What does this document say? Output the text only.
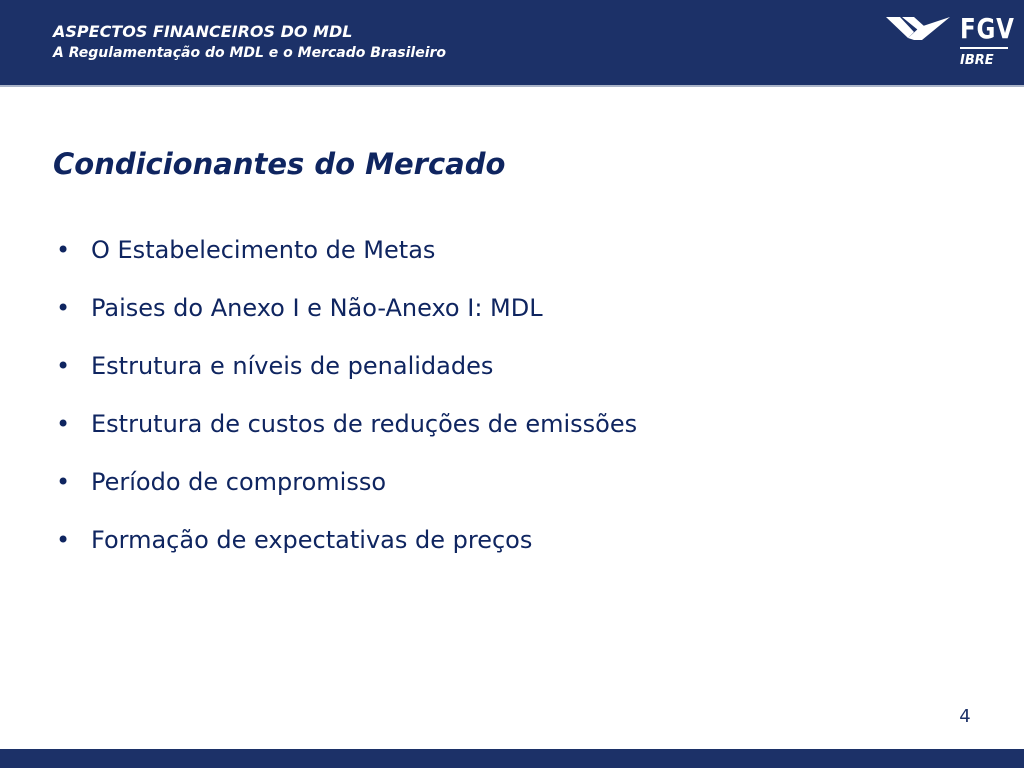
ASPECTOS FINANCEIROS DO MDL
A Regulamentação do MDL e o Mercado Brasileiro
FGV
IBRE
Condicionantes do Mercado
• O Estabelecimento de Metas
• Paises do Anexo I e Não-Anexo I: MDL
• Estrutura e níveis de penalidades
• Estrutura de custos de reduções de emissões
• Período de compromisso
• Formação de expectativas de preços
4
